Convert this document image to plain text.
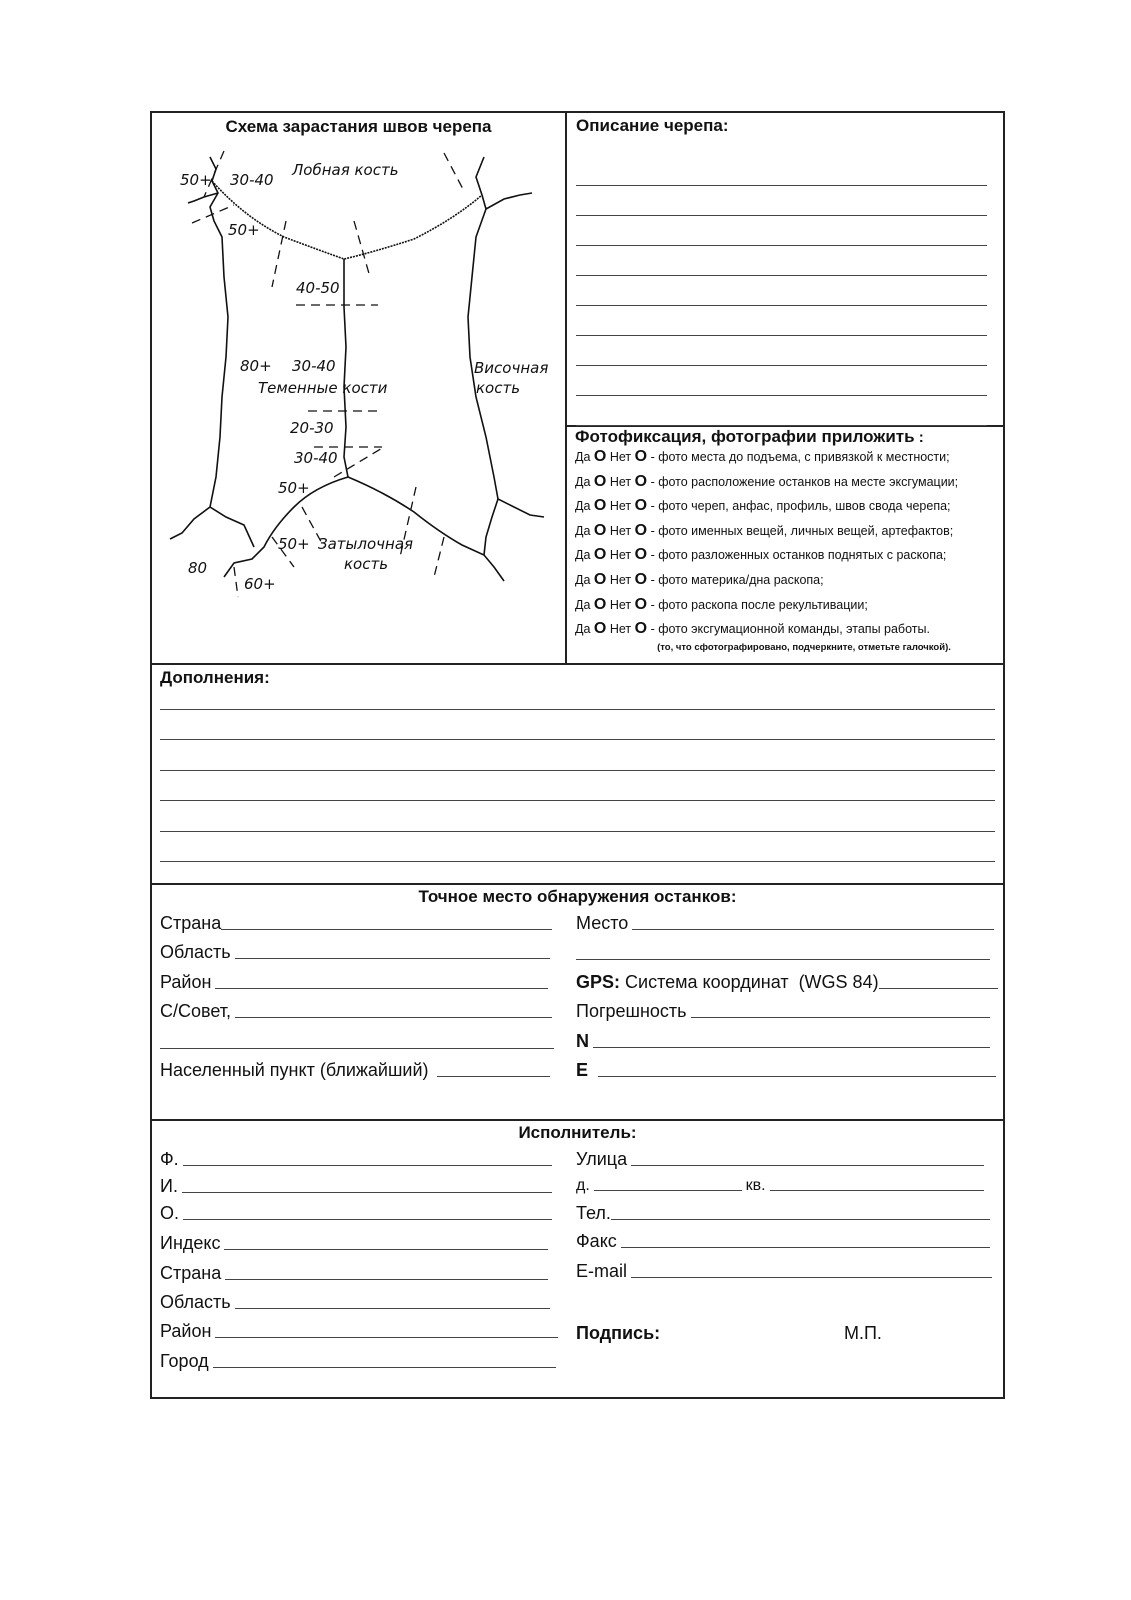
Схема зарастания швов черепа
50+ 30-40
Лобная кость
50+
40-50
80+ 30-40
Теменные кости
Височная
кость
20-30
30-40
50+
50+ Затылочная
кость
80
60+
Описание черепа:
Фотофиксация, фотографии приложить :
Да O Нет O - фото места до подъема, с привязкой к местности;
Да O Нет O - фото расположение останков на месте эксгумации;
Да O Нет O - фото череп, анфас, профиль, швов свода черепа;
Да O Нет O - фото именных вещей, личных вещей, артефактов;
Да O Нет O - фото разложенных останков поднятых с раскопа;
Да O Нет O - фото материка/дна раскопа;
Да O Нет O - фото раскопа после рекультивации;
Да O Нет O - фото эксгумационной команды, этапы работы.
(то, что сфотографировано, подчеркните, отметьте галочкой).
Дополнения:
Точное место обнаружения останков:
Страна
Область
Район
С/Совет,
Населенный пункт (ближайший)
Место
GPS: Система координат  (WGS 84)
Погрешность
N
E
Исполнитель:
Ф.
И.
О.
Индекс
Страна
Область
Район
Город
Улица
д.	кв.
Тел.
Факс
E-mail
Подпись:	М.П.
